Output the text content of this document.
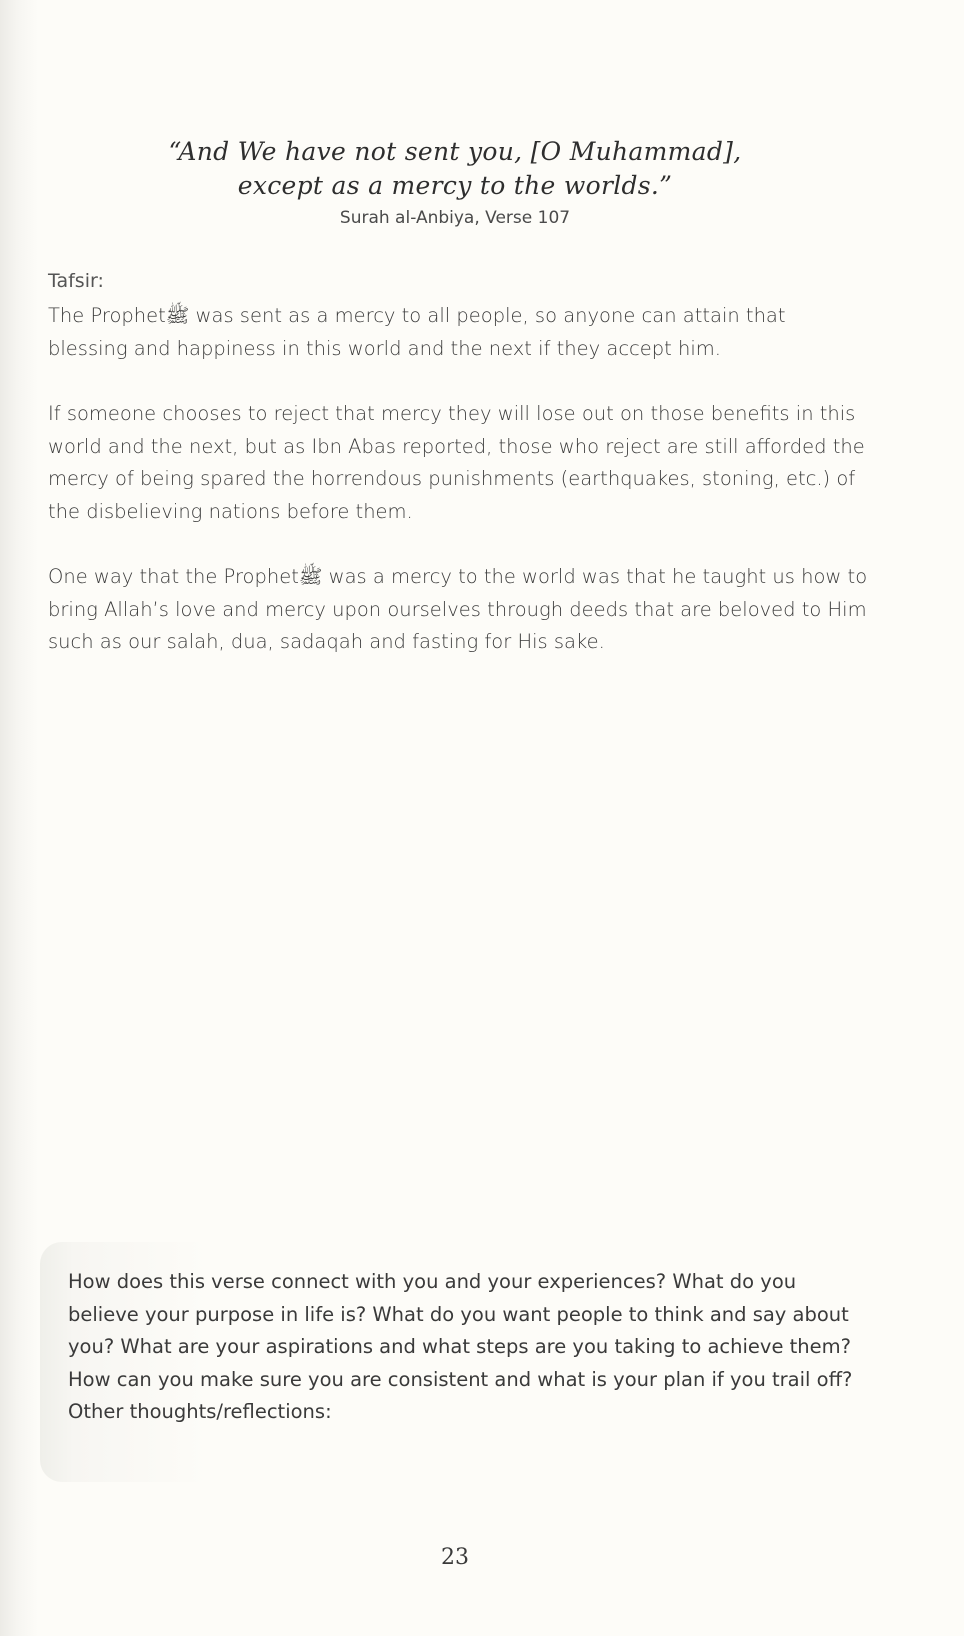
“And We have not sent you, [O Muhammad],
except as a mercy to the worlds.”
Surah al-Anbiya, Verse 107
Tafsir:

The Prophetﷺ was sent as a mercy to all people, so anyone can attain that blessing and happiness in this world and the next if they accept him.

If someone chooses to reject that mercy they will lose out on those benefits in this world and the next, but as Ibn Abas reported, those who reject are still afforded the mercy of being spared the horrendous punishments (earthquakes, stoning, etc.) of the disbelieving nations before them.

One way that the Prophetﷺ was a mercy to the world was that he taught us how to bring Allah’s love and mercy upon ourselves through deeds that are beloved to Him such as our salah, dua, sadaqah and fasting for His sake.

How does this verse connect with you and your experiences? What do you believe your purpose in life is? What do you want people to think and say about you? What are your aspirations and what steps are you taking to achieve them? How can you make sure you are consistent and what is your plan if you trail off? Other thoughts/reflections:

23
